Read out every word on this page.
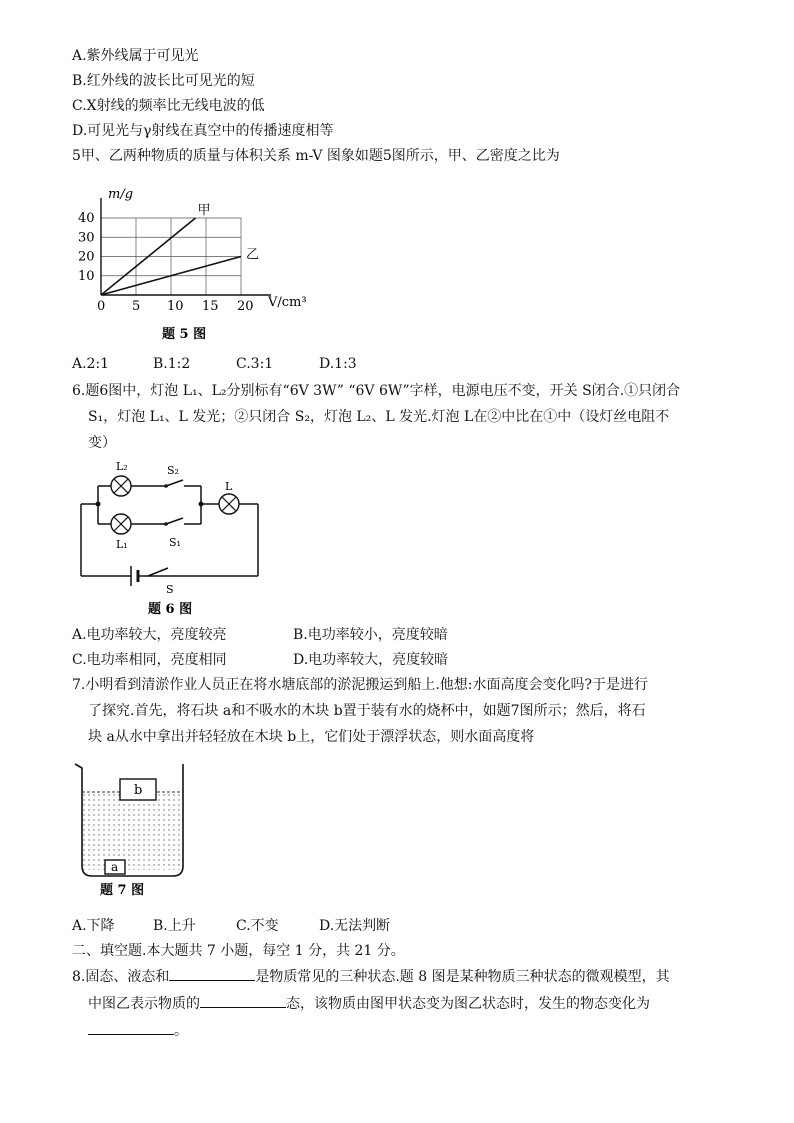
A.紫外线属于可见光
B.红外线的波长比可见光的短
C.X射线的频率比无线电波的低
D.可见光与γ射线在真空中的传播速度相等
5甲、乙两种物质的质量与体积关系 m-V 图象如题5图所示，甲、乙密度之比为
0 5 10 15 20
10
20
30
40
甲
乙
m/g
V/cm³
题 5 图
A.2:1	B.1:2	C.3:1	D.1:3
6.题6图中，灯泡 L₁、L₂分别标有“6V 3W” “6V 6W”字样，电源电压不变，开关 S闭合.①只闭合
S₁，灯泡 L₁、L 发光；②只闭合 S₂，灯泡 L₂、L 发光.灯泡 L在②中比在①中（设灯丝电阻不
变）
L₂	S₂
L
L₁	S₁
S
题 6 图
A.电功率较大，亮度较亮	B.电功率较小，亮度较暗
C.电功率相同，亮度相同	D.电功率较大，亮度较暗
7.小明看到清淤作业人员正在将水塘底部的淤泥搬运到船上.他想:水面高度会变化吗?于是进行
了探究.首先，将石块 a和不吸水的木块 b置于装有水的烧杯中，如题7图所示；然后，将石
块 a从水中拿出并轻轻放在木块 b上，它们处于漂浮状态，则水面高度将
b
a
题 7 图
A.下降	B.上升	C.不变	D.无法判断
二、填空题.本大题共 7 小题，每空 1 分，共 21 分。
8.固态、液态和	是物质常见的三种状态.题 8 图是某种物质三种状态的微观模型，其
中图乙表示物质的	态，该物质由图甲状态变为图乙状态时，发生的物态变化为
。
